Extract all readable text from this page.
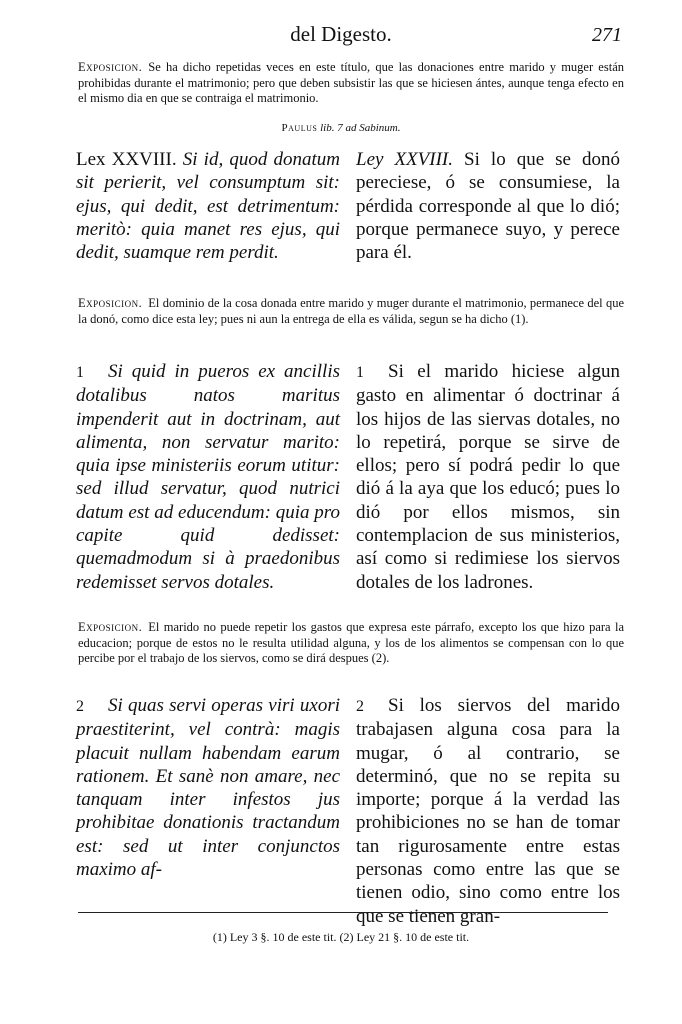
del Digesto.	271
Exposicion. Se ha dicho repetidas veces en este título, que las donaciones entre marido y muger están prohibidas durante el matrimonio; pero que deben subsistir las que se hiciesen ántes, aunque tenga efecto en el mismo dia en que se contraiga el matrimonio.
Paulus lib. 7 ad Sabinum.

Lex XXVIII. Si id, quod donatum sit perierit, vel consumptum sit: ejus, qui dedit, est detrimentum: meritò: quia manet res ejus, qui dedit, suamque rem perdit.

Ley XXVIII. Si lo que se donó pereciese, ó se consumiese, la pérdida corresponde al que lo dió; porque permanece suyo, y perece para él.

Exposicion. El dominio de la cosa donada entre marido y muger durante el matrimonio, permanece del que la donó, como dice esta ley; pues ni aun la entrega de ella es válida, segun se ha dicho (1).

1 Si quid in pueros ex ancillis dotalibus natos maritus impenderit aut in doctrinam, aut alimenta, non servatur marito: quia ipse ministeriis eorum utitur: sed illud servatur, quod nutrici datum est ad educendum: quia pro capite quid dedisset: quemadmodum si à praedonibus redemisset servos dotales.

1 Si el marido hiciese algun gasto en alimentar ó doctrinar á los hijos de las siervas dotales, no lo repetirá, porque se sirve de ellos; pero sí podrá pedir lo que dió á la aya que los educó; pues lo dió por ellos mismos, sin contemplacion de sus ministerios, así como si redimiese los siervos dotales de los ladrones.

Exposicion. El marido no puede repetir los gastos que expresa este párrafo, excepto los que hizo para la educacion; porque de estos no le resulta utilidad alguna, y los de los alimentos se compensan con lo que percibe por el trabajo de los siervos, como se dirá despues (2).

2 Si quas servi operas viri uxori praestiterint, vel contrà: magis placuit nullam habendam earum rationem. Et sanè non amare, nec tanquam inter infestos jus prohibitae donationis tractandum est: sed ut inter conjunctos maximo af-

2 Si los siervos del marido trabajasen alguna cosa para la mugar, ó al contrario, se determinó, que no se repita su importe; porque á la verdad las prohibiciones no se han de tomar tan rigurosamente entre estas personas como entre las que se tienen odio, sino como entre los que se tienen gran-

(1) Ley 3 §. 10 de este tit. (2) Ley 21 §. 10 de este tit.
